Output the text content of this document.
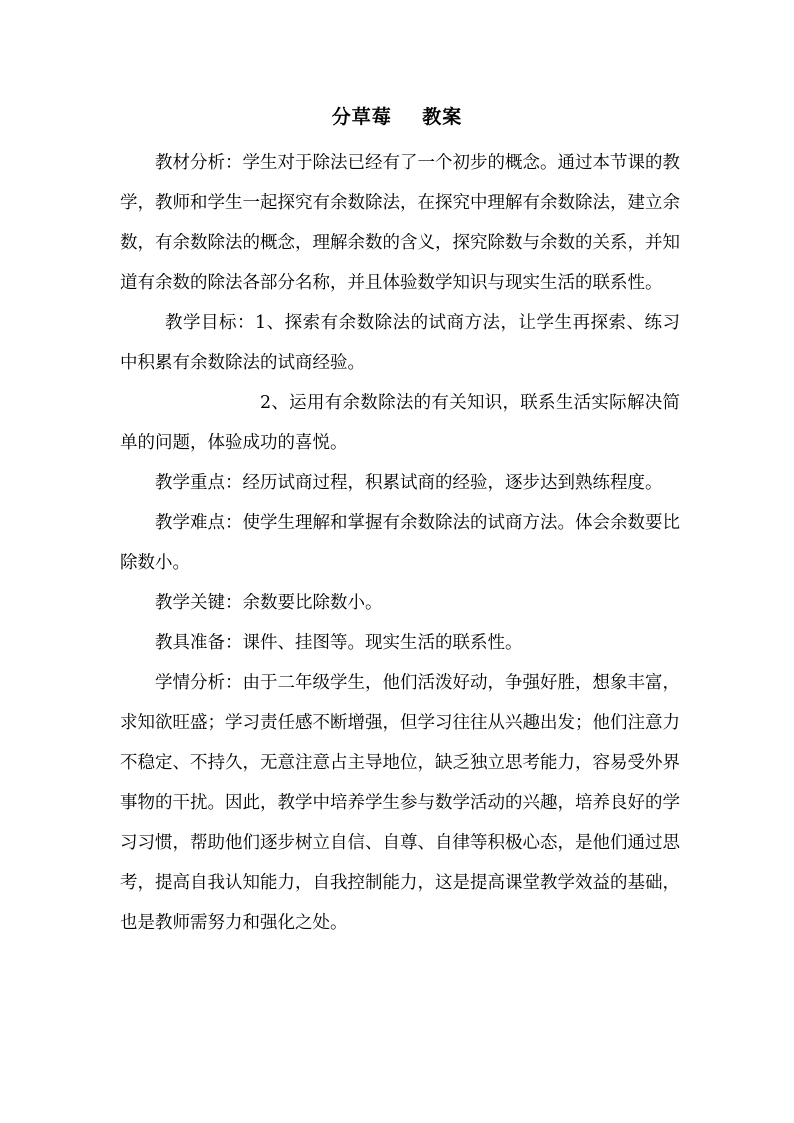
分草莓    教案

教材分析：学生对于除法已经有了一个初步的概念。通过本节课的教学，教师和学生一起探究有余数除法，在探究中理解有余数除法，建立余数，有余数除法的概念，理解余数的含义，探究除数与余数的关系，并知道有余数的除法各部分名称，并且体验数学知识与现实生活的联系性。

教学目标：1、探索有余数除法的试商方法，让学生再探索、练习中积累有余数除法的试商经验。

2、运用有余数除法的有关知识，联系生活实际解决简单的问题，体验成功的喜悦。

教学重点：经历试商过程，积累试商的经验，逐步达到熟练程度。

教学难点：使学生理解和掌握有余数除法的试商方法。体会余数要比除数小。

教学关键：余数要比除数小。

教具准备：课件、挂图等。现实生活的联系性。

学情分析：由于二年级学生，他们活泼好动，争强好胜，想象丰富，求知欲旺盛；学习责任感不断增强，但学习往往从兴趣出发；他们注意力不稳定、不持久，无意注意占主导地位，缺乏独立思考能力，容易受外界事物的干扰。因此，教学中培养学生参与数学活动的兴趣，培养良好的学习习惯，帮助他们逐步树立自信、自尊、自律等积极心态，是他们通过思考，提高自我认知能力，自我控制能力，这是提高课堂教学效益的基础，也是教师需努力和强化之处。
